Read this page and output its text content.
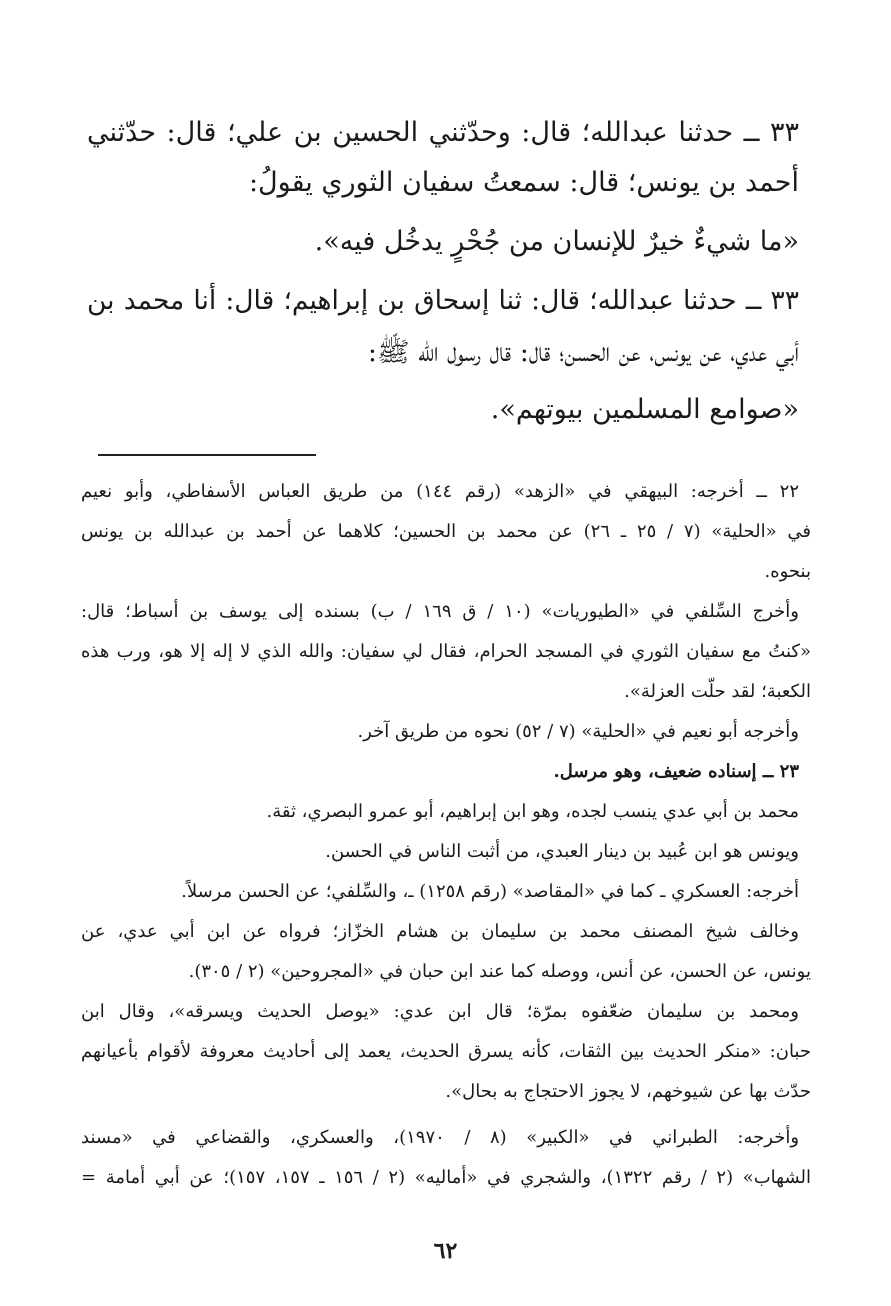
٣٣ ــ حدثنا عبدالله؛ قال: وحدّثني الحسين بن علي؛ قال: حدّثني
أحمد بن يونس؛ قال: سمعتُ سفيان الثوري يقولُ:
«ما شيءٌ خيرٌ للإنسان من جُحْرٍ يدخُل فيه».
٣٣ ــ حدثنا عبدالله؛ قال: ثنا إسحاق بن إبراهيم؛ قال: أنا محمد بن
أبي عدي، عن يونس، عن الحسن؛ قال: قال رسول الله ﷺ:
«صوامع المسلمين بيوتهم».
٢٢ ــ أخرجه: البيهقي في «الزهد» (رقم ١٤٤) من طريق العباس الأسفاطي، وأبو نعيم
في «الحلية» (٧ / ٢٥ ـ ٢٦) عن محمد بن الحسين؛ كلاهما عن أحمد بن عبدالله بن يونس
بنحوه.
وأخرج السِّلفي في «الطيوريات» (١٠ / ق ١٦٩ / ب) بسنده إلى يوسف بن أسباط؛ قال:
«كنتُ مع سفيان الثوري في المسجد الحرام، فقال لي سفيان: والله الذي لا إله إلا هو، ورب هذه
الكعبة؛ لقد حلّت العزلة».
وأخرجه أبو نعيم في «الحلية» (٧ / ٥٢) نحوه من طريق آخر.
٢٣ ــ إسناده ضعيف، وهو مرسل.
محمد بن أبي عدي ينسب لجده، وهو ابن إبراهيم، أبو عمرو البصري، ثقة.
ويونس هو ابن عُبيد بن دينار العبدي، من أثبت الناس في الحسن.
أخرجه: العسكري ـ كما في «المقاصد» (رقم ١٢٥٨) ـ، والسِّلفي؛ عن الحسن مرسلاً.
وخالف شيخ المصنف محمد بن سليمان بن هشام الخزّاز؛ فرواه عن ابن أبي عدي، عن
يونس، عن الحسن، عن أنس، ووصله كما عند ابن حبان في «المجروحين» (٢ / ٣٠٥).
ومحمد بن سليمان ضعّفوه بمرّة؛ قال ابن عدي: «يوصل الحديث ويسرقه»، وقال ابن
حبان: «منكر الحديث بين الثقات، كأنه يسرق الحديث، يعمد إلى أحاديث معروفة لأقوام بأعيانهم
حدّث بها عن شيوخهم، لا يجوز الاحتجاج به بحال».
وأخرجه: الطبراني في «الكبير» (٨ / ١٩٧٠)، والعسكري، والقضاعي في «مسند
الشهاب» (٢ / رقم ١٣٢٢)، والشجري في «أماليه» (٢ / ١٥٦ ـ ١٥٧، ١٥٧)؛ عن أبي أمامة =
٦٢
